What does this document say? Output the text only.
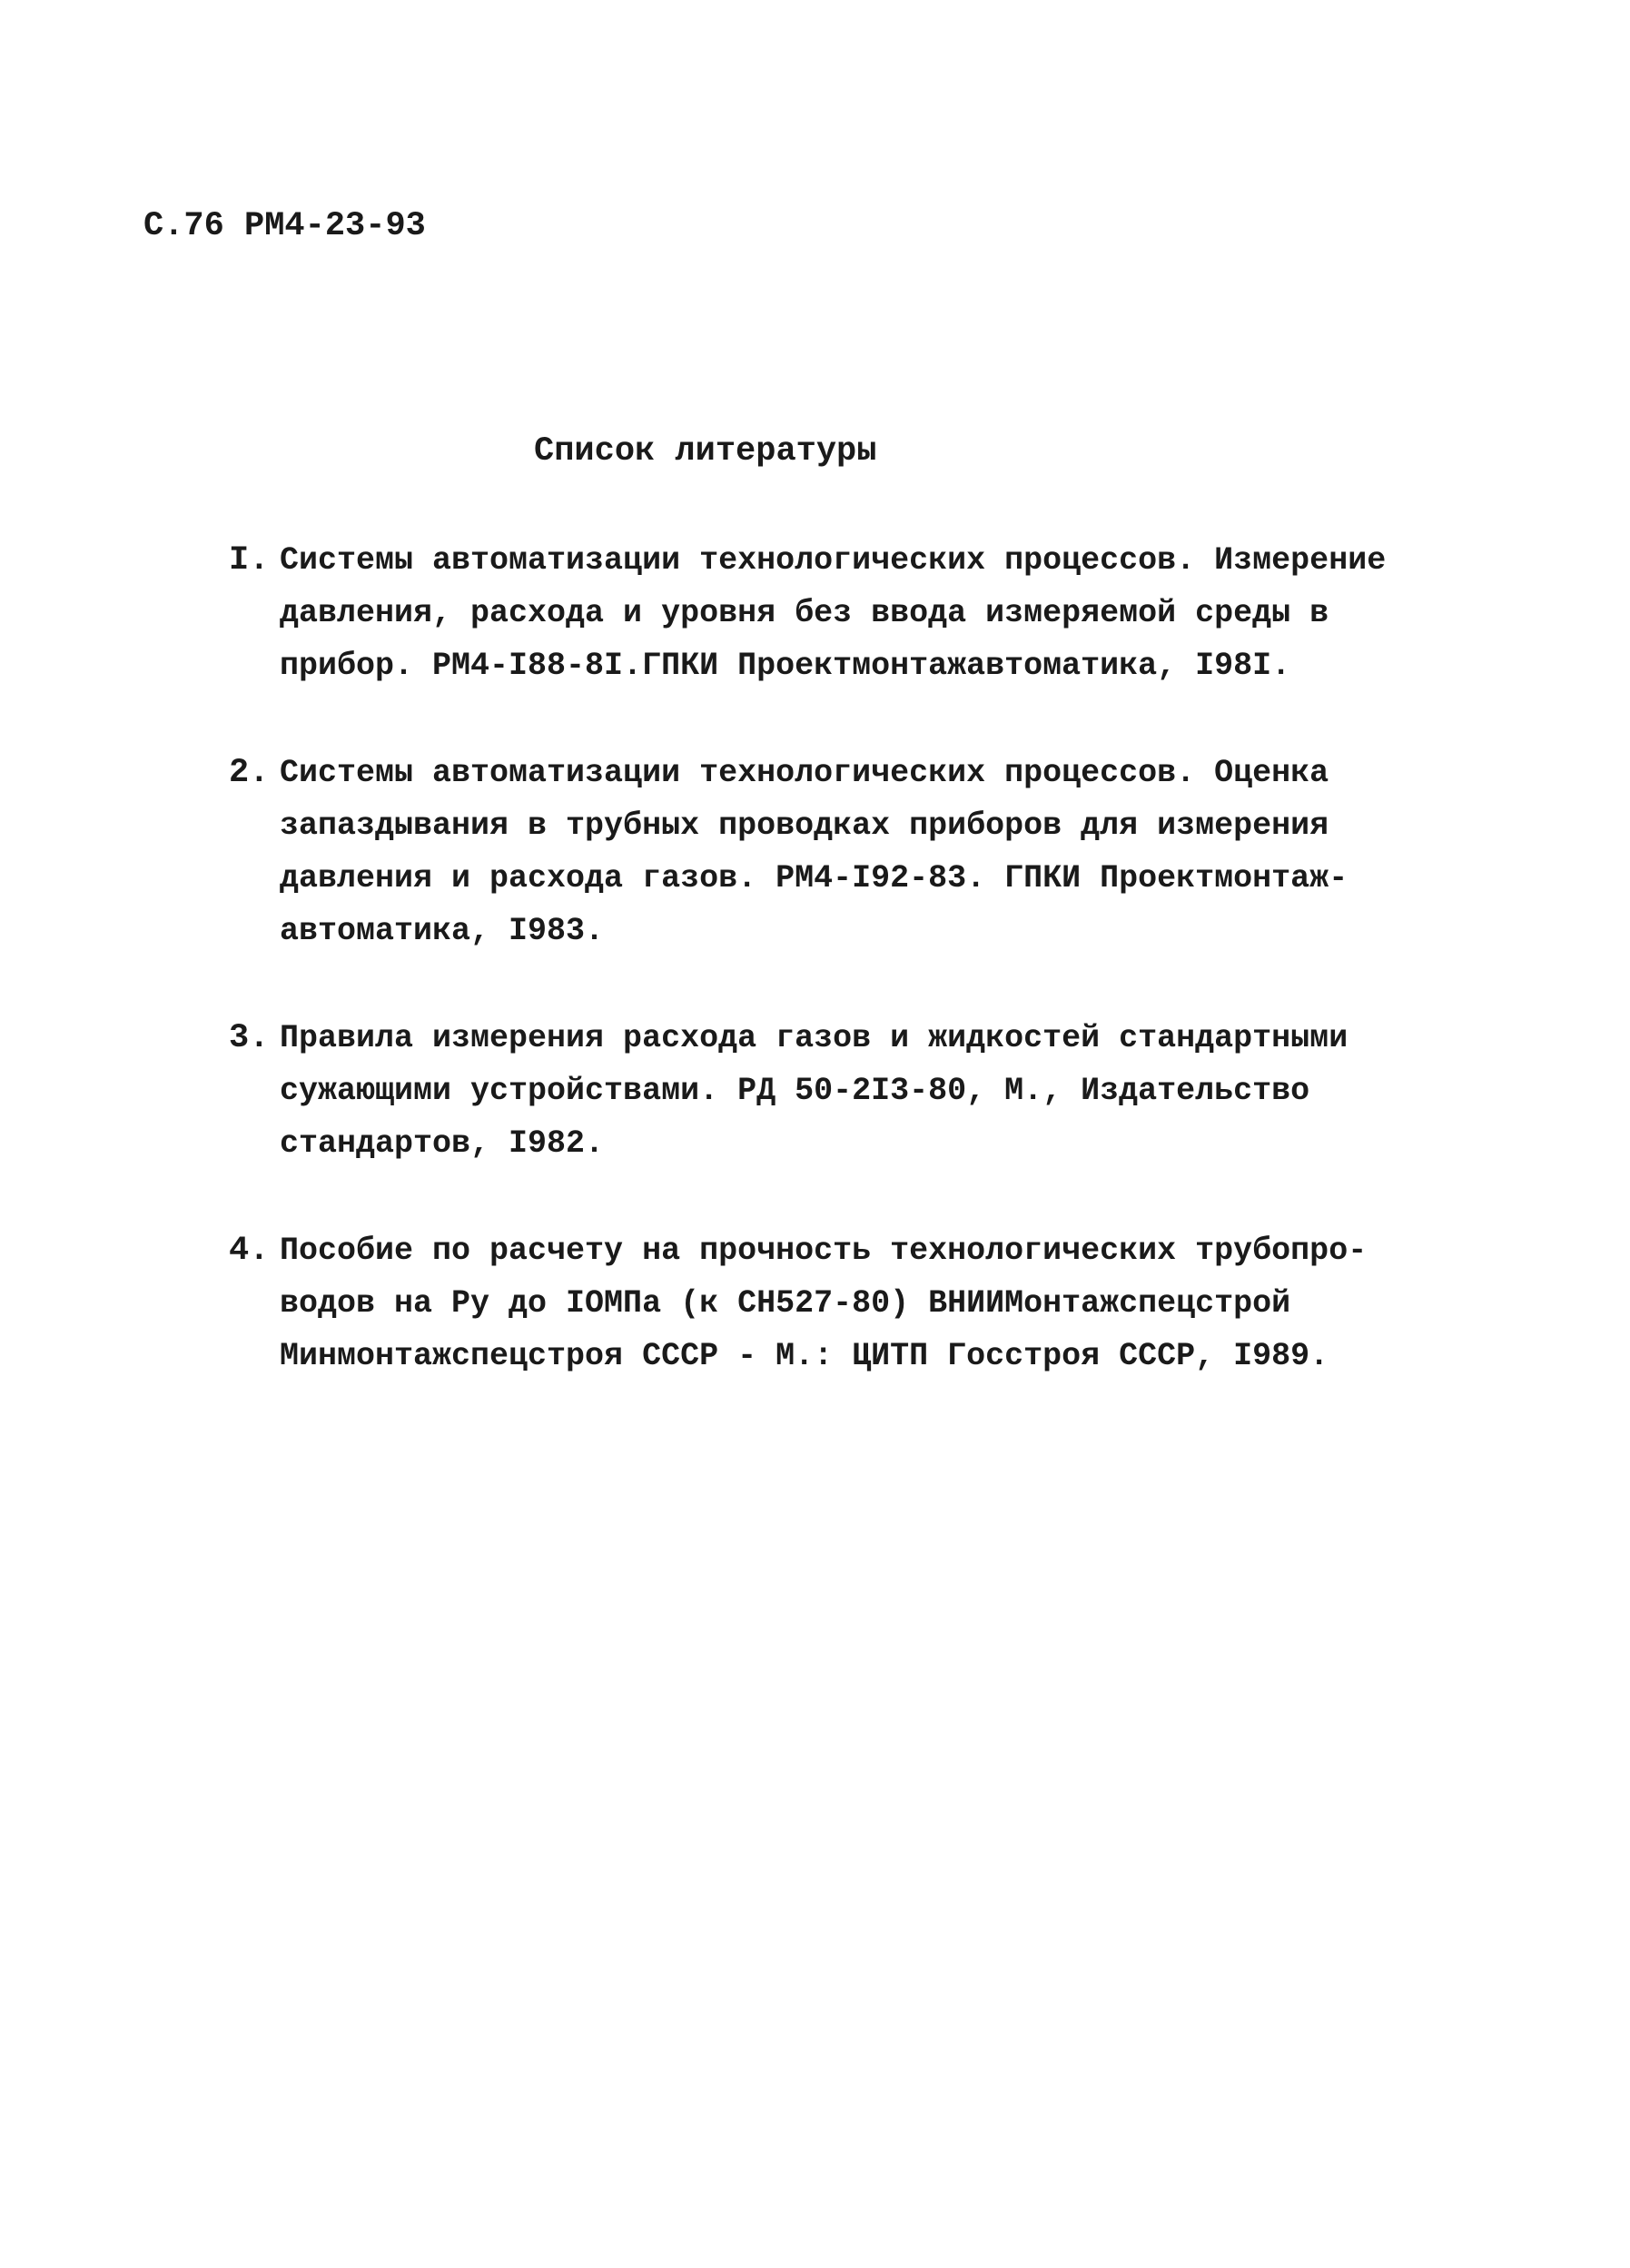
С.76 РМ4-23-93
Список литературы
I. Системы автоматизации технологических процессов. Измерение
давления, расхода и уровня без ввода измеряемой среды в
прибор. РМ4-I88-8I.ГПКИ Проектмонтажавтоматика, I98I.
2. Системы автоматизации технологических процессов. Оценка
запаздывания в трубных проводках приборов для измерения
давления и расхода газов. РМ4-I92-83. ГПКИ Проектмонтаж-
автоматика, I983.
3. Правила измерения расхода газов и жидкостей стандартными
сужающими устройствами. РД 50-2I3-80, М., Издательство
стандартов, I982.
4. Пособие по расчету на прочность технологических трубопро-
водов на Ру до IОМПа (к СН527-80) ВНИИМонтажспецстрой
Минмонтажспецстроя СССР - М.: ЦИТП Госстроя СССР, I989.
